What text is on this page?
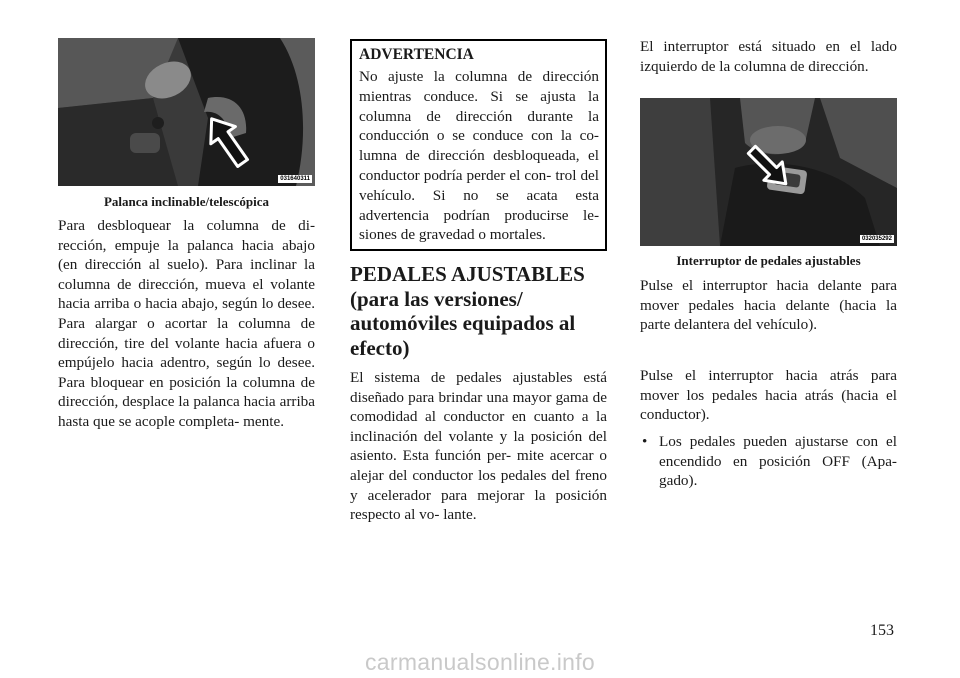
031640311
Palanca inclinable/telescópica

Para desbloquear la columna de di- rección, empuje la palanca hacia abajo (en dirección al suelo). Para inclinar la columna de dirección, mueva el volante hacia arriba o hacia abajo, según lo desee. Para alargar o acortar la columna de dirección, tire del volante hacia afuera o empújelo hacia adentro, según lo desee. Para bloquear en posición la columna de dirección, desplace la palanca hacia arriba hasta que se acople completa- mente.

ADVERTENCIA

No ajuste la columna de dirección mientras conduce. Si se ajusta la columna de dirección durante la conducción o se conduce con la co- lumna de dirección desbloqueada, el conductor podría perder el con- trol del vehículo. Si no se acata esta advertencia podrían producirse le- siones de gravedad o mortales.

PEDALES AJUSTABLES (para las versiones/ automóviles equipados al efecto)

El sistema de pedales ajustables está diseñado para brindar una mayor gama de comodidad al conductor en cuanto a la inclinación del volante y la posición del asiento. Esta función per- mite acercar o alejar del conductor los pedales del freno y acelerador para mejorar la posición respecto al vo- lante.

El interruptor está situado en el lado izquierdo de la columna de dirección.

032035292
Interruptor de pedales ajustables

Pulse el interruptor hacia delante para mover pedales hacia delante (hacia la parte delantera del vehículo).

Pulse el interruptor hacia atrás para mover los pedales hacia atrás (hacia el conductor).

• Los pedales pueden ajustarse con el encendido en posición OFF (Apa- gado).
153
carmanualsonline.info
